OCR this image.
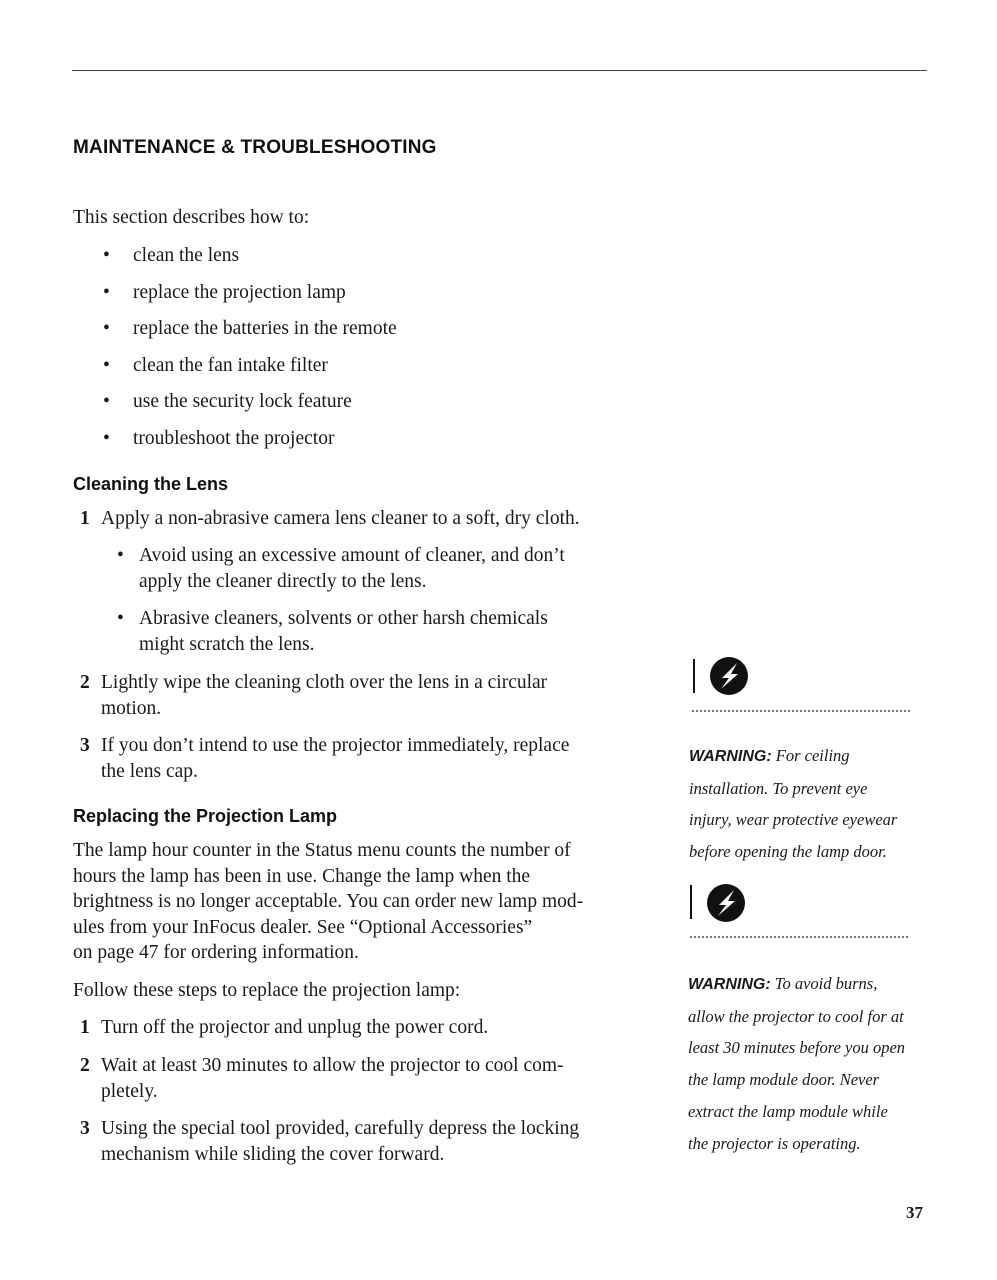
MAINTENANCE & TROUBLESHOOTING
This section describes how to:
• clean the lens
• replace the projection lamp
• replace the batteries in the remote
• clean the fan intake filter
• use the security lock feature
• troubleshoot the projector
Cleaning the Lens
1 Apply a non-abrasive camera lens cleaner to a soft, dry cloth.
• Avoid using an excessive amount of cleaner, and don’t
apply the cleaner directly to the lens.
• Abrasive cleaners, solvents or other harsh chemicals
might scratch the lens.
2 Lightly wipe the cleaning cloth over the lens in a circular
motion.
3 If you don’t intend to use the projector immediately, replace
the lens cap.
Replacing the Projection Lamp
The lamp hour counter in the Status menu counts the number of
hours the lamp has been in use. Change the lamp when the
brightness is no longer acceptable. You can order new lamp mod-
ules from your InFocus dealer. See “Optional Accessories”
on page 47 for ordering information.
Follow these steps to replace the projection lamp:
1 Turn off the projector and unplug the power cord.
2 Wait at least 30 minutes to allow the projector to cool com-
pletely.
3 Using the special tool provided, carefully depress the locking
mechanism while sliding the cover forward.
WARNING: For ceiling
installation. To prevent eye
injury, wear protective eyewear
before opening the lamp door.
WARNING: To avoid burns,
allow the projector to cool for at
least 30 minutes before you open
the lamp module door. Never
extract the lamp module while
the projector is operating.
37
